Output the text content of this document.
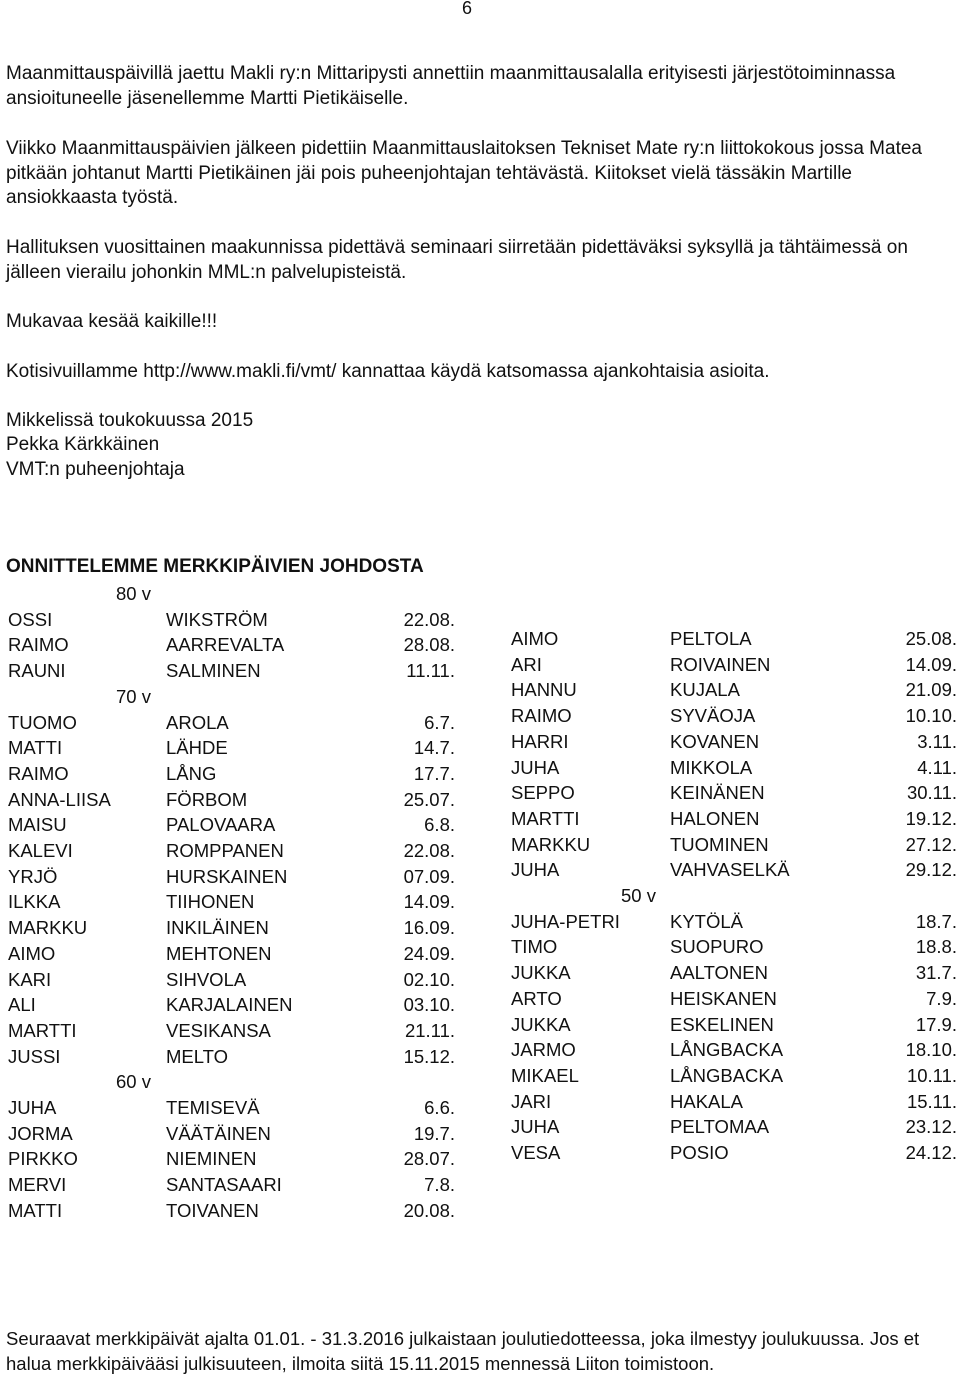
6
Maanmittauspäivillä jaettu Makli ry:n Mittaripysti annettiin maanmittausalalla erityisesti järjestötoiminnassa ansioituneelle jäsenellemme Martti Pietikäiselle.
Viikko Maanmittauspäivien jälkeen pidettiin Maanmittauslaitoksen Tekniset Mate ry:n liittokokous jossa Matea pitkään johtanut Martti Pietikäinen jäi pois puheenjohtajan tehtävästä. Kiitokset vielä tässäkin Martille ansiokkaasta työstä.
Hallituksen vuosittainen maakunnissa pidettävä seminaari siirretään pidettäväksi syksyllä ja tähtäimessä on jälleen vierailu johonkin MML:n palvelupisteistä.
Mukavaa kesää kaikille!!!
Kotisivuillamme http://www.makli.fi/vmt/ kannattaa käydä katsomassa ajankohtaisia asioita.
Mikkelissä toukokuussa 2015
Pekka Kärkkäinen
VMT:n puheenjohtaja
ONNITTELEMME MERKKIPÄIVIEN JOHDOSTA
80 v
OSSI	WIKSTRÖM	22.08.
RAIMO	AARREVALTA	28.08.
RAUNI	SALMINEN	11.11.
70 v
TUOMO	AROLA	6.7.
MATTI	LÄHDE	14.7.
RAIMO	LÅNG	17.7.
ANNA-LIISA	FÖRBOM	25.07.
MAISU	PALOVAARA	6.8.
KALEVI	ROMPPANEN	22.08.
YRJÖ	HURSKAINEN	07.09.
ILKKA	TIIHONEN	14.09.
MARKKU	INKILÄINEN	16.09.
AIMO	MEHTONEN	24.09.
KARI	SIHVOLA	02.10.
ALI	KARJALAINEN	03.10.
MARTTI	VESIKANSA	21.11.
JUSSI	MELTO	15.12.
60 v
JUHA	TEMISEVÄ	6.6.
JORMA	VÄÄTÄINEN	19.7.
PIRKKO	NIEMINEN	28.07.
MERVI	SANTASAARI	7.8.
MATTI	TOIVANEN	20.08.
AIMO	PELTOLA	25.08.
ARI	ROIVAINEN	14.09.
HANNU	KUJALA	21.09.
RAIMO	SYVÄOJA	10.10.
HARRI	KOVANEN	3.11.
JUHA	MIKKOLA	4.11.
SEPPO	KEINÄNEN	30.11.
MARTTI	HALONEN	19.12.
MARKKU	TUOMINEN	27.12.
JUHA	VAHVASELKÄ	29.12.
50 v
JUHA-PETRI	KYTÖLÄ	18.7.
TIMO	SUOPURO	18.8.
JUKKA	AALTONEN	31.7.
ARTO	HEISKANEN	7.9.
JUKKA	ESKELINEN	17.9.
JARMO	LÅNGBACKA	18.10.
MIKAEL	LÅNGBACKA	10.11.
JARI	HAKALA	15.11.
JUHA	PELTOMAA	23.12.
VESA	POSIO	24.12.
Seuraavat merkkipäivät ajalta 01.01. - 31.3.2016 julkaistaan joulutiedotteessa, joka ilmestyy joulukuussa. Jos et halua merkkipäivääsi julkisuuteen, ilmoita siitä 15.11.2015 mennessä Liiton toimistoon.
